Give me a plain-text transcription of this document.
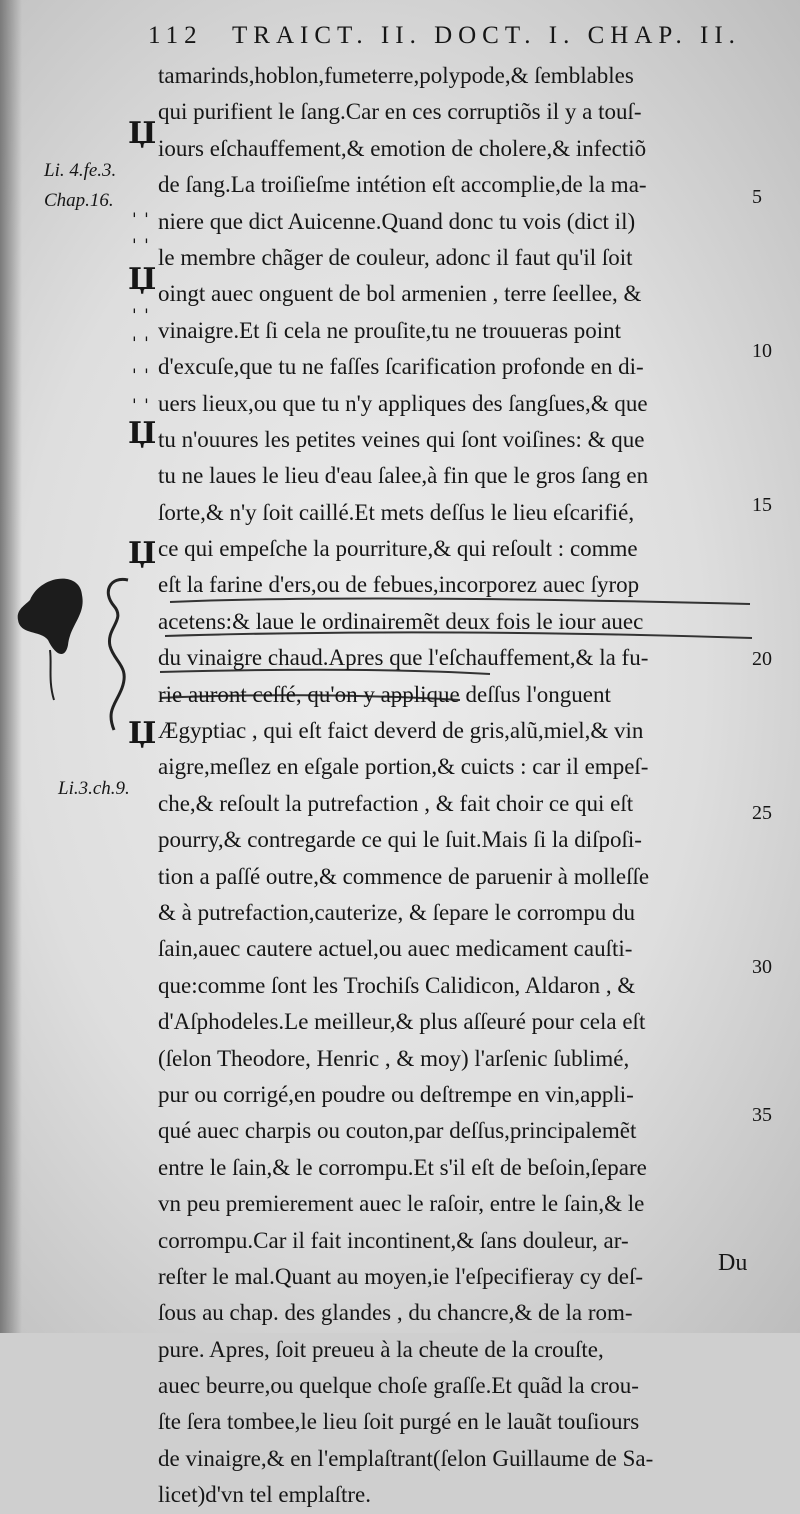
112 TRAICT. II. DOCT. I. CHAP. II.
Li. 4.fe.3.
Chap.16.
Li.3.ch.9.
Џ
Џ
Џ
Џ
Џ
' '
' '
' '
' '
' '
' '
tamarinds,hoblon,fumeterre,polypode,& ſemblables
qui purifient le ſang.Car en ces corruptiõs il y a touſ-
iours eſchauffement,& emotion de cholere,& infectiõ
de ſang.La troiſieſme intétion eſt accomplie,de la ma-
niere que dict Auicenne.Quand donc tu vois (dict il)
le membre chãger de couleur, adonc il faut qu'il ſoit
oingt auec onguent de bol armenien , terre ſeellee, &
vinaigre.Et ſi cela ne prouſite,tu ne trouueras point
d'excuſe,que tu ne faſſes ſcarification profonde en di-
uers lieux,ou que tu n'y appliques des ſangſues,& que
tu n'ouures les petites veines qui ſont voiſines: & que
tu ne laues le lieu d'eau ſalee,à fin que le gros ſang en
ſorte,& n'y ſoit caillé.Et mets deſſus le lieu eſcarifié,
ce qui empeſche la pourriture,& qui reſoult : comme
eſt la farine d'ers,ou de febues,incorporez auec ſyrop
acetens:& laue le ordinairemẽt deux fois le iour auec
du vinaigre chaud.Apres que l'eſchauffement,& la fu-
rie auront ceſſé, qu'on y applique deſſus l'onguent
Ægyptiac , qui eſt faict deverd de gris,alũ,miel,& vin
aigre,meſlez en eſgale portion,& cuicts : car il empeſ-
che,& reſoult la putrefaction , & fait choir ce qui eſt
pourry,& contregarde ce qui le ſuit.Mais ſi la diſpoſi-
tion a paſſé outre,& commence de paruenir à molleſſe
& à putrefaction,cauterize, & ſepare le corrompu du
ſain,auec cautere actuel,ou auec medicament cauſti-
que:comme ſont les Trochiſs Calidicon, Aldaron , &
d'Aſphodeles.Le meilleur,& plus aſſeuré pour cela eſt
(ſelon Theodore, Henric , & moy) l'arſenic ſublimé,
pur ou corrigé,en poudre ou deſtrempe en vin,appli-
qué auec charpis ou couton,par deſſus,principalemẽt
entre le ſain,& le corrompu.Et s'il eſt de beſoin,ſepare
vn peu premierement auec le raſoir, entre le ſain,& le
corrompu.Car il fait incontinent,& ſans douleur, ar-
reſter le mal.Quant au moyen,ie l'eſpecifieray cy deſ-
ſous au chap. des glandes , du chancre,& de la rom-
pure. Apres, ſoit preueu à la cheute de la crouſte,
auec beurre,ou quelque choſe graſſe.Et quãd la crou-
ſte ſera tombee,le lieu ſoit purgé en le lauãt touſiours
de vinaigre,& en l'emplaſtrant(ſelon Guillaume de Sa-
licet)d'vn tel emplaſtre.
5
10
15
20
25
30
35
Du
